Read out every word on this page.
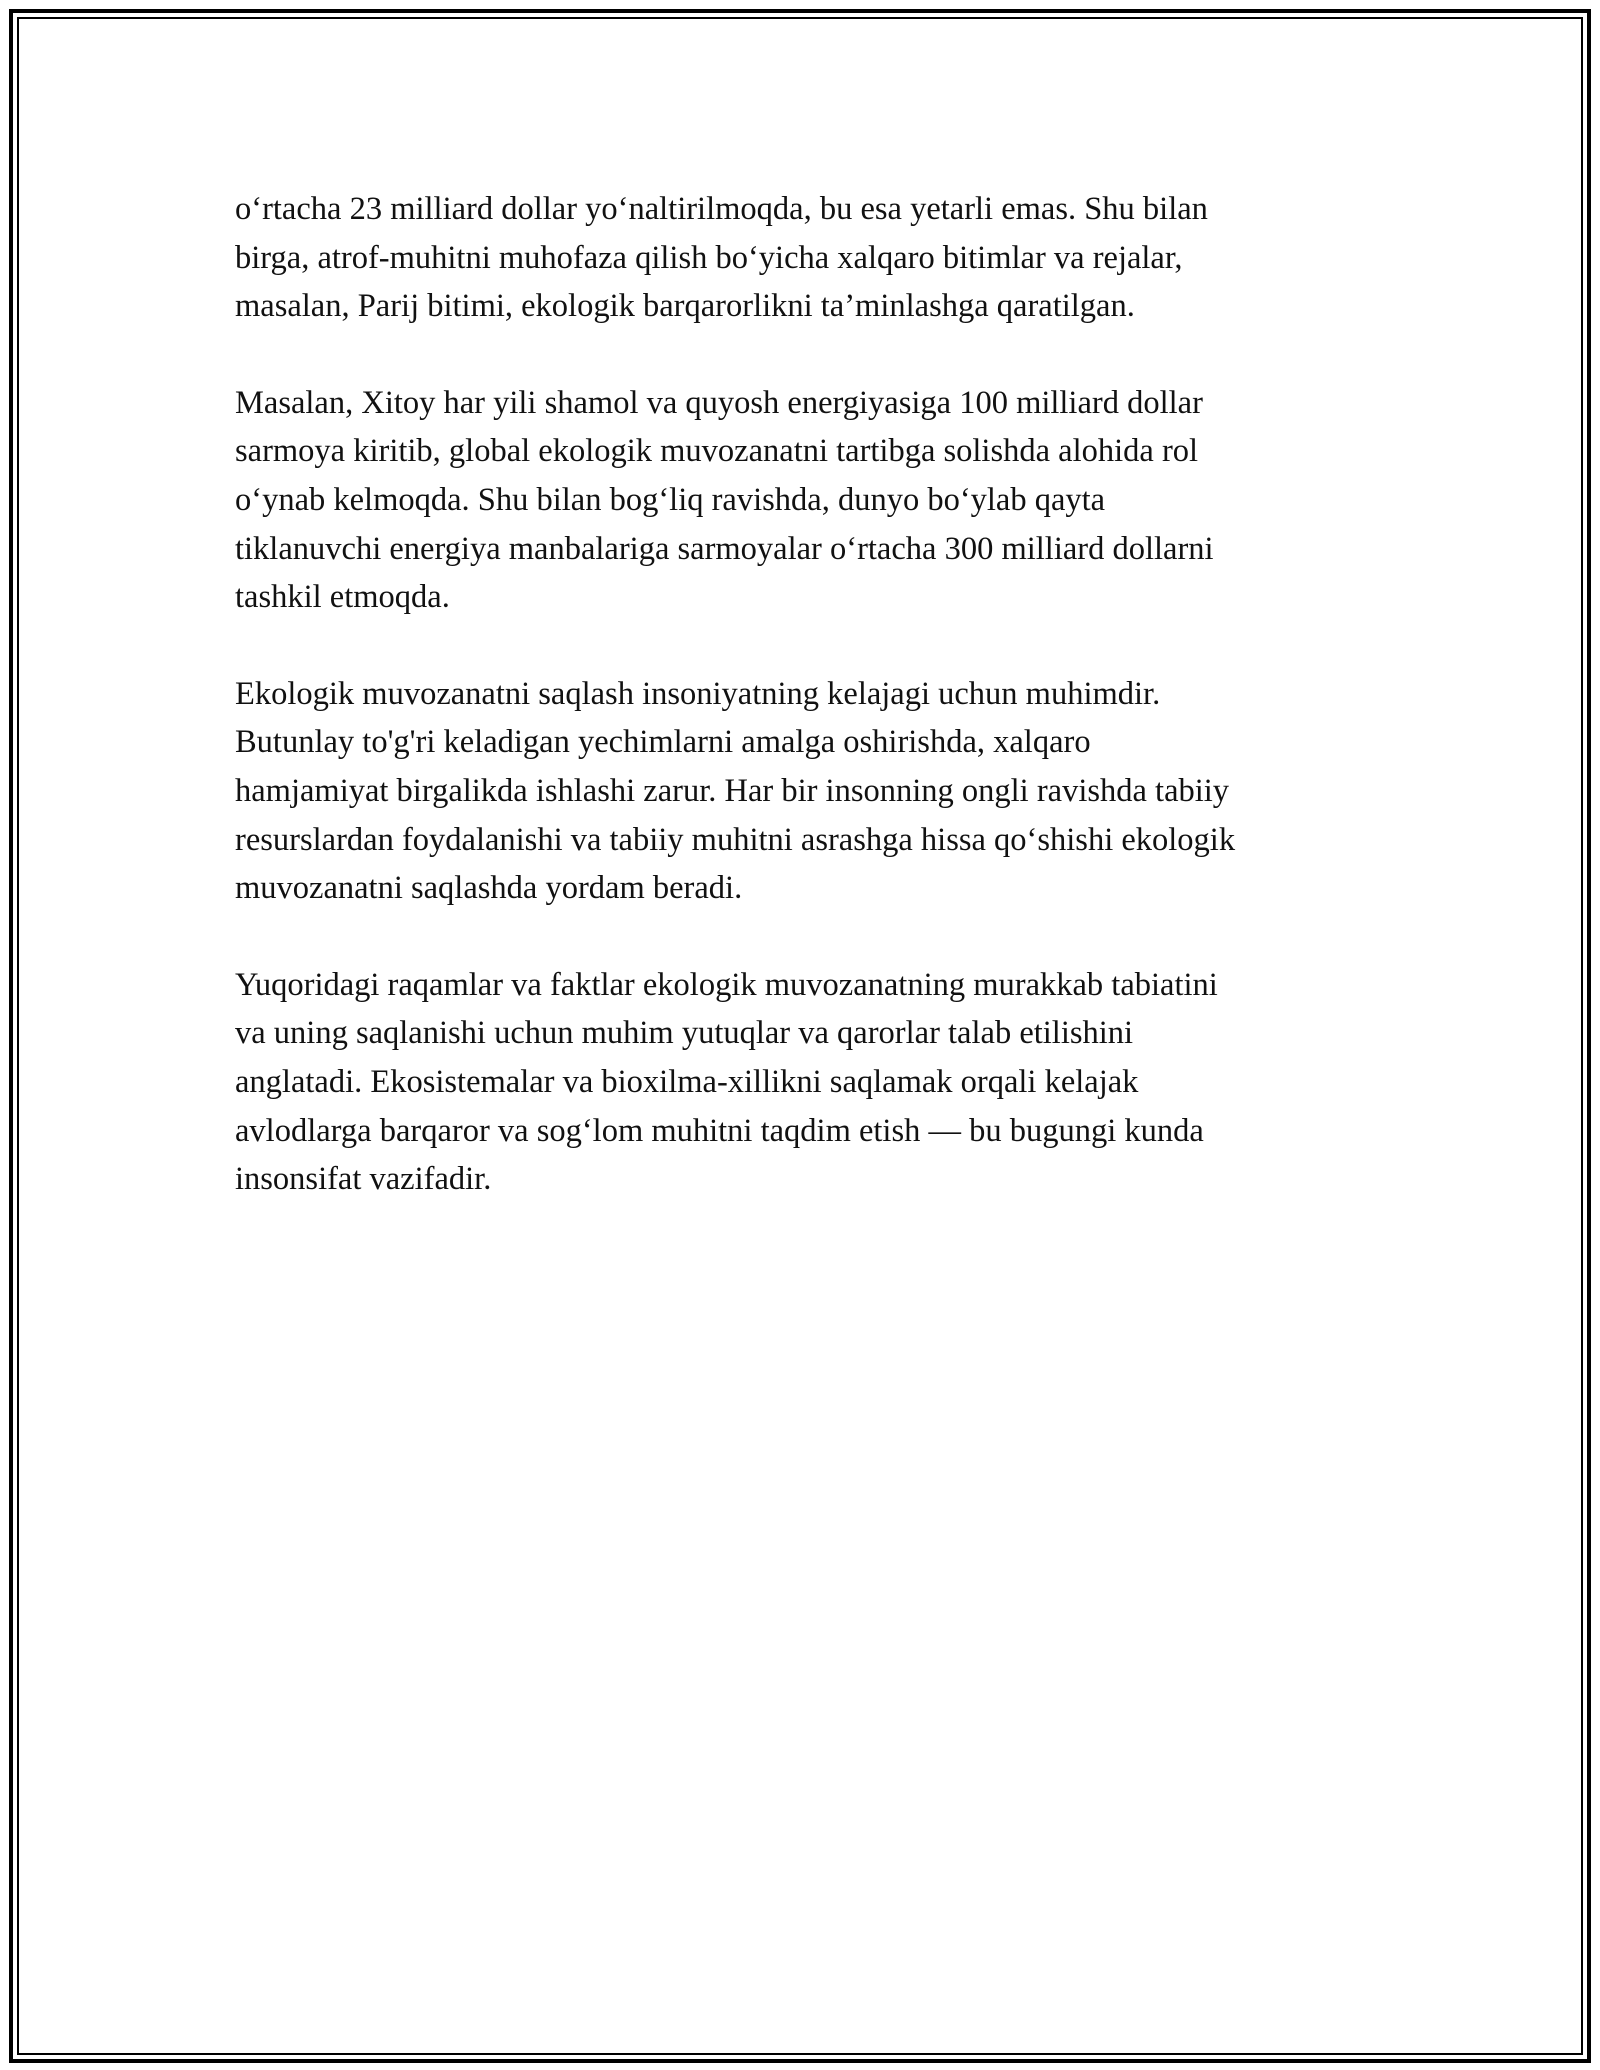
o‘rtacha 23 milliard dollar yo‘naltirilmoqda, bu esa yetarli emas. Shu bilan
birga, atrof-muhitni muhofaza qilish bo‘yicha xalqaro bitimlar va rejalar,
masalan, Parij bitimi, ekologik barqarorlikni ta’minlashga qaratilgan.

Masalan, Xitoy har yili shamol va quyosh energiyasiga 100 milliard dollar
sarmoya kiritib, global ekologik muvozanatni tartibga solishda alohida rol
o‘ynab kelmoqda. Shu bilan bog‘liq ravishda, dunyo bo‘ylab qayta
tiklanuvchi energiya manbalariga sarmoyalar o‘rtacha 300 milliard dollarni
tashkil etmoqda.

Ekologik muvozanatni saqlash insoniyatning kelajagi uchun muhimdir.
Butunlay to'g'ri keladigan yechimlarni amalga oshirishda, xalqaro
hamjamiyat birgalikda ishlashi zarur. Har bir insonning ongli ravishda tabiiy
resurslardan foydalanishi va tabiiy muhitni asrashga hissa qo‘shishi ekologik
muvozanatni saqlashda yordam beradi.

Yuqoridagi raqamlar va faktlar ekologik muvozanatning murakkab tabiatini
va uning saqlanishi uchun muhim yutuqlar va qarorlar talab etilishini
anglatadi. Ekosistemalar va bioxilma-xillikni saqlamak orqali kelajak
avlodlarga barqaror va sog‘lom muhitni taqdim etish — bu bugungi kunda
insonsifat vazifadir.
